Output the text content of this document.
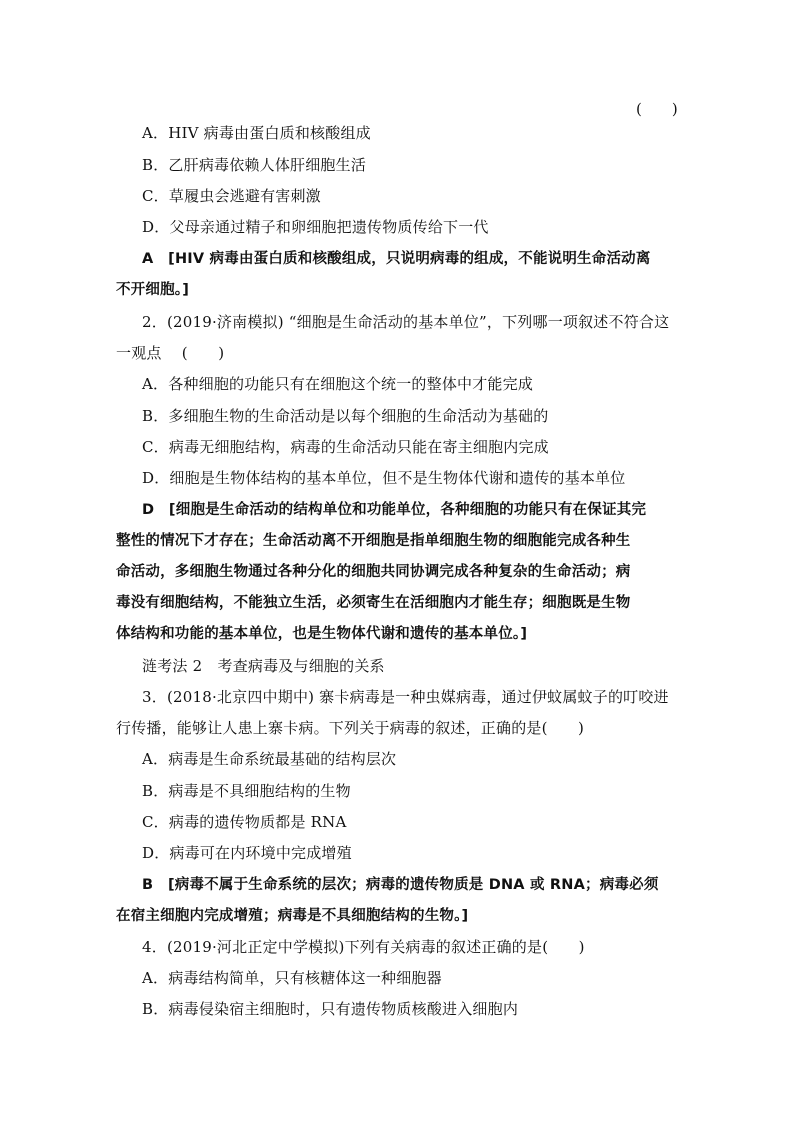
(　　)
A．HIV 病毒由蛋白质和核酸组成
B．乙肝病毒依赖人体肝细胞生活
C．草履虫会逃避有害刺激
D．父母亲通过精子和卵细胞把遗传物质传给下一代
A　[HIV 病毒由蛋白质和核酸组成，只说明病毒的组成，不能说明生命活动离
不开细胞。]
2．(2019·济南模拟) “细胞是生命活动的基本单位”，下列哪一项叙述不符合这
一观点　 (　　)
A．各种细胞的功能只有在细胞这个统一的整体中才能完成
B．多细胞生物的生命活动是以每个细胞的生命活动为基础的
C．病毒无细胞结构，病毒的生命活动只能在寄主细胞内完成
D．细胞是生物体结构的基本单位，但不是生物体代谢和遗传的基本单位
D　[细胞是生命活动的结构单位和功能单位，各种细胞的功能只有在保证其完
整性的情况下才存在；生命活动离不开细胞是指单细胞生物的细胞能完成各种生
命活动，多细胞生物通过各种分化的细胞共同协调完成各种复杂的生命活动；病
毒没有细胞结构，不能独立生活，必须寄生在活细胞内才能生存；细胞既是生物
体结构和功能的基本单位，也是生物体代谢和遗传的基本单位。]
涟考法 2　考查病毒及与细胞的关系
3．(2018·北京四中期中) 寨卡病毒是一种虫媒病毒，通过伊蚊属蚊子的叮咬进
行传播，能够让人患上寨卡病。下列关于病毒的叙述，正确的是(　　)
A．病毒是生命系统最基础的结构层次
B．病毒是不具细胞结构的生物
C．病毒的遗传物质都是 RNA
D．病毒可在内环境中完成增殖
B　[病毒不属于生命系统的层次；病毒的遗传物质是 DNA 或 RNA；病毒必须
在宿主细胞内完成增殖；病毒是不具细胞结构的生物。]
4．(2019·河北正定中学模拟)下列有关病毒的叙述正确的是(　　)
A．病毒结构简单，只有核糖体这一种细胞器
B．病毒侵染宿主细胞时，只有遗传物质核酸进入细胞内
